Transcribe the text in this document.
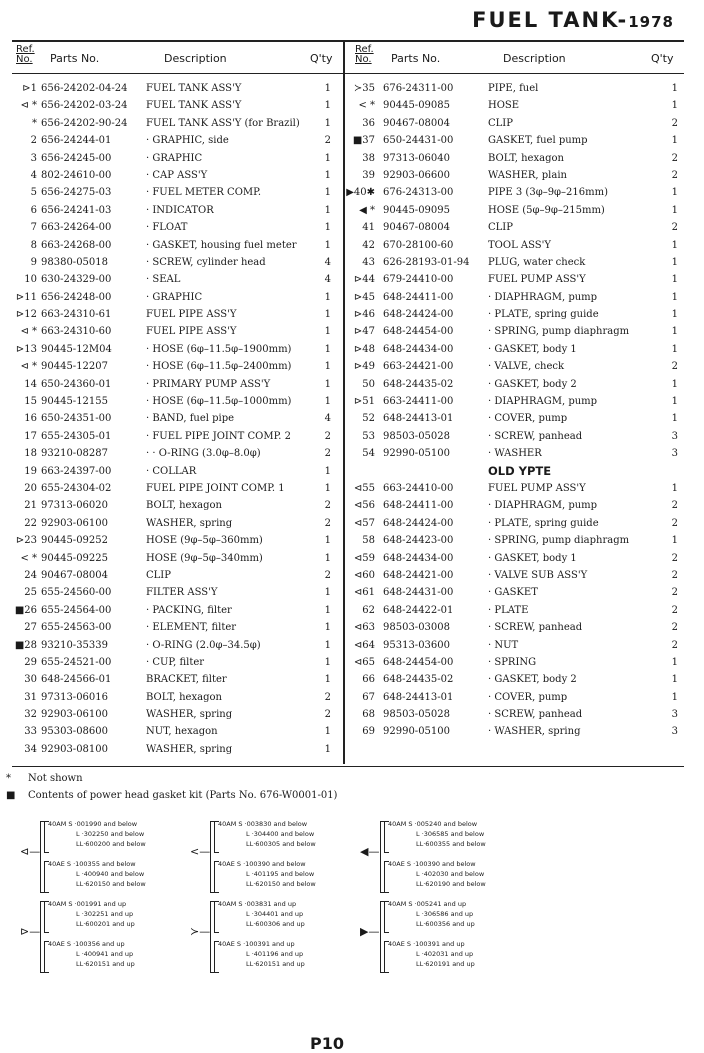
FUEL TANK-1978
Ref.
No. Parts No.	Description	Q'ty
Ref.
No. Parts No.	Description	Q'ty
⊳1 656-24202-04-24 FUEL TANK ASS'Y	1
⊲ * 656-24202-03-24 FUEL TANK ASS'Y	1
* 656-24202-90-24 FUEL TANK ASS'Y (for Brazil)	1
2 656-24244-01	· GRAPHIC, side	2
3 656-24245-00	· GRAPHIC	1
4 802-24610-00	· CAP ASS'Y	1
5 656-24275-03	· FUEL METER COMP.	1
6 656-24241-03	· INDICATOR	1
7 663-24264-00	· FLOAT	1
8 663-24268-00	· GASKET, housing fuel meter	1
9 98380-05018	· SCREW, cylinder head	4
10 630-24329-00	· SEAL	4
⊳11 656-24248-00	· GRAPHIC	1
⊳12 663-24310-61	FUEL PIPE ASS'Y	1
⊲ * 663-24310-60	FUEL PIPE ASS'Y	1
⊳13 90445-12M04	· HOSE (6φ–11.5φ–1900mm)	1
⊲ * 90445-12207	· HOSE (6φ–11.5φ–2400mm)	1
14 650-24360-01	· PRIMARY PUMP ASS'Y	1
15 90445-12155	· HOSE (6φ–11.5φ–1000mm)	1
16 650-24351-00	· BAND, fuel pipe	4
17 655-24305-01	· FUEL PIPE JOINT COMP. 2	2
18 93210-08287	· · O-RING (3.0φ–8.0φ)	2
19 663-24397-00	· COLLAR	1
20 655-24304-02	FUEL PIPE JOINT COMP. 1	1
21 97313-06020	BOLT, hexagon	2
22 92903-06100	WASHER, spring	2
⊳23 90445-09252	HOSE (9φ–5φ–360mm)	1
< * 90445-09225	HOSE (9φ–5φ–340mm)	1
24 90467-08004	CLIP	2
25 655-24560-00	FILTER ASS'Y	1
■26 655-24564-00	· PACKING, filter	1
27 655-24563-00	· ELEMENT, filter	1
■28 93210-35339	· O-RING (2.0φ–34.5φ)	1
29 655-24521-00	· CUP, filter	1
30 648-24566-01	BRACKET, filter	1
31 97313-06016	BOLT, hexagon	2
32 92903-06100	WASHER, spring	2
33 95303-08600	NUT, hexagon	1
34 92903-08100	WASHER, spring	1
≻35 676-24311-00	PIPE, fuel	1
< * 90445-09085	HOSE	1
36 90467-08004	CLIP	2
■37 650-24431-00	GASKET, fuel pump	1
38 97313-06040	BOLT, hexagon	2
39 92903-06600	WASHER, plain	2
▶40✱ 676-24313-00	PIPE 3 (3φ–9φ–216mm)	1
◀ * 90445-09095	HOSE (5φ–9φ–215mm)	1
41 90467-08004	CLIP	2
42 670-28100-60	TOOL ASS'Y	1
43 626-28193-01-94 PLUG, water check	1
⊳44 679-24410-00	FUEL PUMP ASS'Y	1
⊳45 648-24411-00	· DIAPHRAGM, pump	1
⊳46 648-24424-00	· PLATE, spring guide	1
⊳47 648-24454-00	· SPRING, pump diaphragm	1
⊳48 648-24434-00	· GASKET, body 1	1
⊳49 663-24421-00	· VALVE, check	2
50 648-24435-02	· GASKET, body 2	1
⊳51 663-24411-00	· DIAPHRAGM, pump	1
52 648-24413-01	· COVER, pump	1
53 98503-05028	· SCREW, panhead	3
54 92990-05100	· WASHER	3
OLD YPTE
⊲55 663-24410-00	FUEL PUMP ASS'Y	1
⊲56 648-24411-00	· DIAPHRAGM, pump	2
⊲57 648-24424-00	· PLATE, spring guide	2
58 648-24423-00	· SPRING, pump diaphragm	1
⊲59 648-24434-00	· GASKET, body 1	2
⊲60 648-24421-00	· VALVE SUB ASS'Y	2
⊲61 648-24431-00	· GASKET	2
62 648-24422-01	· PLATE	2
⊲63 98503-03008	· SCREW, panhead	2
⊲64 95313-03600	· NUT	2
⊲65 648-24454-00	· SPRING	1
66 648-24435-02	· GASKET, body 2	1
67 648-24413-01	· COVER, pump	1
68 98503-05028	· SCREW, panhead	3
69 92990-05100	· WASHER, spring	3
* Not shown
■ Contents of power head gasket kit (Parts No. 676-W0001-01)
⊲—
40AM S ·001990 and below
L ·302250 and below
LL·600200 and below
40AE S ·100355 and below
L ·400940 and below
LL·620150 and below
<—
40AM S ·003830 and below
L ·304400 and below
LL·600305 and below
40AE S ·100390 and below
L ·401195 and below
LL·620150 and below
◀—
40AM S ·005240 and below
L ·306585 and below
LL·600355 and below
40AE S ·100390 and below
L ·402030 and below
LL·620190 and below
⊳—
40AM S ·001991 and up
L ·302251 and up
LL·600201 and up
40AE S ·100356 and up
L ·400941 and up
LL·620151 and up
≻—
40AM S ·003831 and up
L ·304401 and up
LL·600306 and up
40AE S ·100391 and up
L ·401196 and up
LL·620151 and up
▶—
40AM S ·005241 and up
L ·306586 and up
LL·600356 and up
40AE S ·100391 and up
L ·402031 and up
LL·620191 and up
P10
